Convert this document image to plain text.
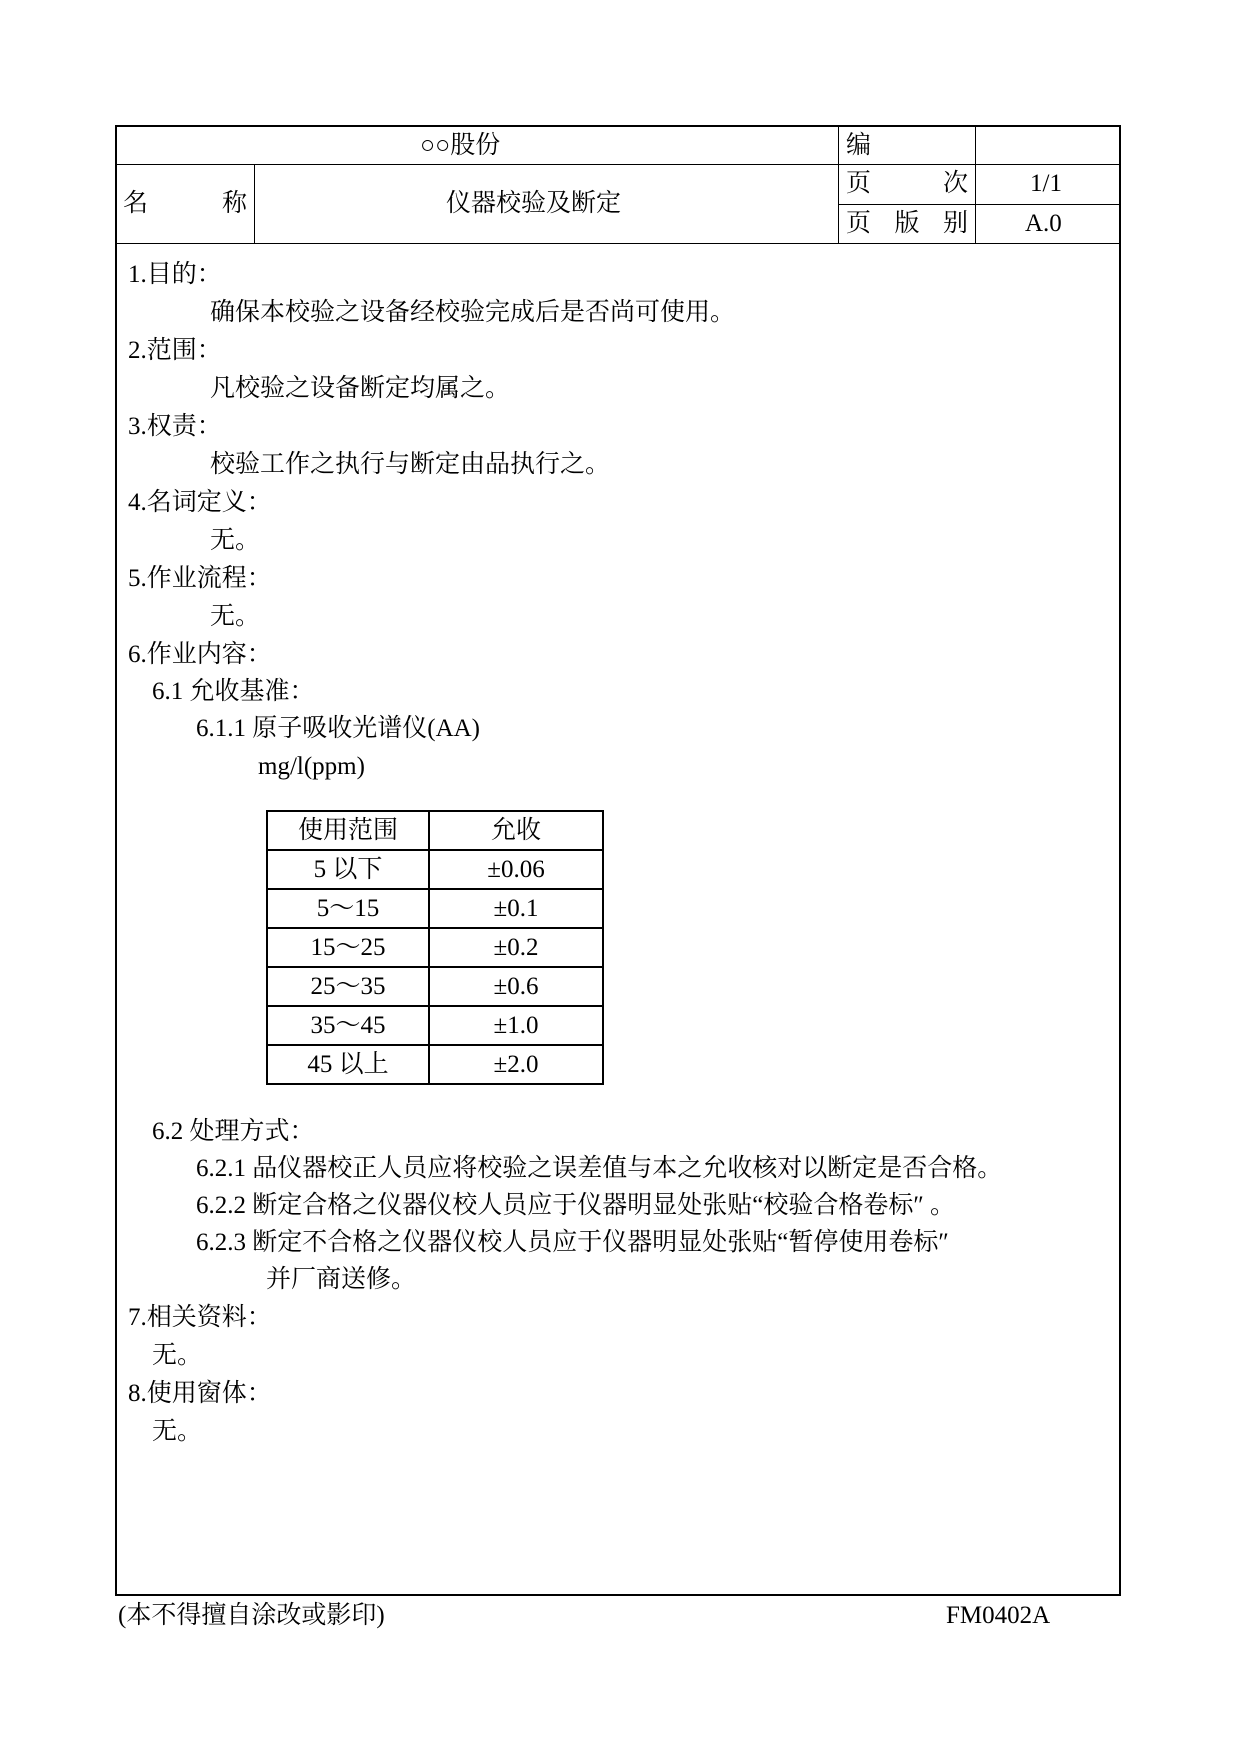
○○股份	编
名	称	仪器校验及断定
页	次 1/1
页 版 别 A.0
1.目的：
确保本校验之设备经校验完成后是否尚可使用。
2.范围：
凡校验之设备断定均属之。
3.权责：
校验工作之执行与断定由品执行之。
4.名词定义：
无。
5.作业流程：
无。
6.作业内容：
6.1 允收基准：
6.1.1 原子吸收光谱仪(AA)
mg/l(ppm)
使用范围	允收
5 以下	±0.06
5～15	±0.1
15～25	±0.2
25～35	±0.6
35～45	±1.0
45 以上	±2.0
6.2 处理方式：
6.2.1 品仪器校正人员应将校验之误差值与本之允收核对以断定是否合格。
6.2.2 断定合格之仪器仪校人员应于仪器明显处张贴“校验合格卷标″ 。
6.2.3 断定不合格之仪器仪校人员应于仪器明显处张贴“暂停使用卷标″
并厂商送修。
7.相关资料：
无。
8.使用窗体：
无。
(本不得擅自涂改或影印)	FM0402A
